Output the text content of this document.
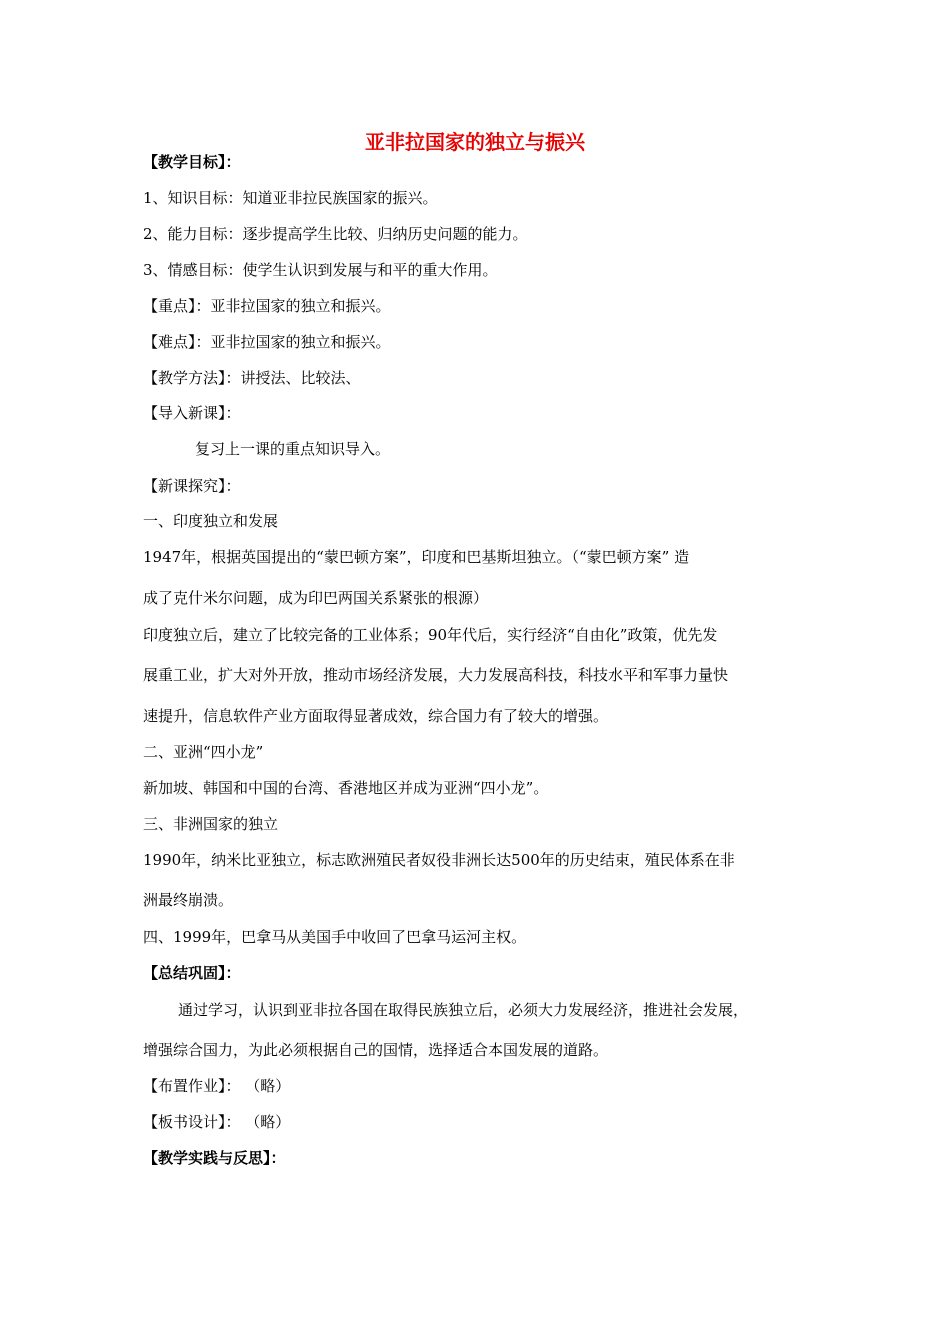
亚非拉国家的独立与振兴
【教学目标】：
1、知识目标：知道亚非拉民族国家的振兴。
2、能力目标：逐步提高学生比较、归纳历史问题的能力。
3、情感目标：使学生认识到发展与和平的重大作用。
【重点】：亚非拉国家的独立和振兴。
【难点】：亚非拉国家的独立和振兴。
【教学方法】：讲授法、比较法、
【导入新课】：
复习上一课的重点知识导入。
【新课探究】：
一、印度独立和发展
1947年，根据英国提出的“蒙巴顿方案”，印度和巴基斯坦独立。（“蒙巴顿方案” 造
成了克什米尔问题，成为印巴两国关系紧张的根源）
印度独立后，建立了比较完备的工业体系；90年代后，实行经济“自由化”政策，优先发
展重工业，扩大对外开放，推动市场经济发展，大力发展高科技，科技水平和军事力量快
速提升，信息软件产业方面取得显著成效，综合国力有了较大的增强。
二、亚洲“四小龙”
新加坡、韩国和中国的台湾、香港地区并成为亚洲“四小龙”。
三、非洲国家的独立
1990年，纳米比亚独立，标志欧洲殖民者奴役非洲长达500年的历史结束，殖民体系在非
洲最终崩溃。
四、1999年，巴拿马从美国手中收回了巴拿马运河主权。
【总结巩固】：
通过学习，认识到亚非拉各国在取得民族独立后，必须大力发展经济，推进社会发展，
增强综合国力，为此必须根据自己的国情，选择适合本国发展的道路。
【布置作业】： （略）
【板书设计】： （略）
【教学实践与反思】：
